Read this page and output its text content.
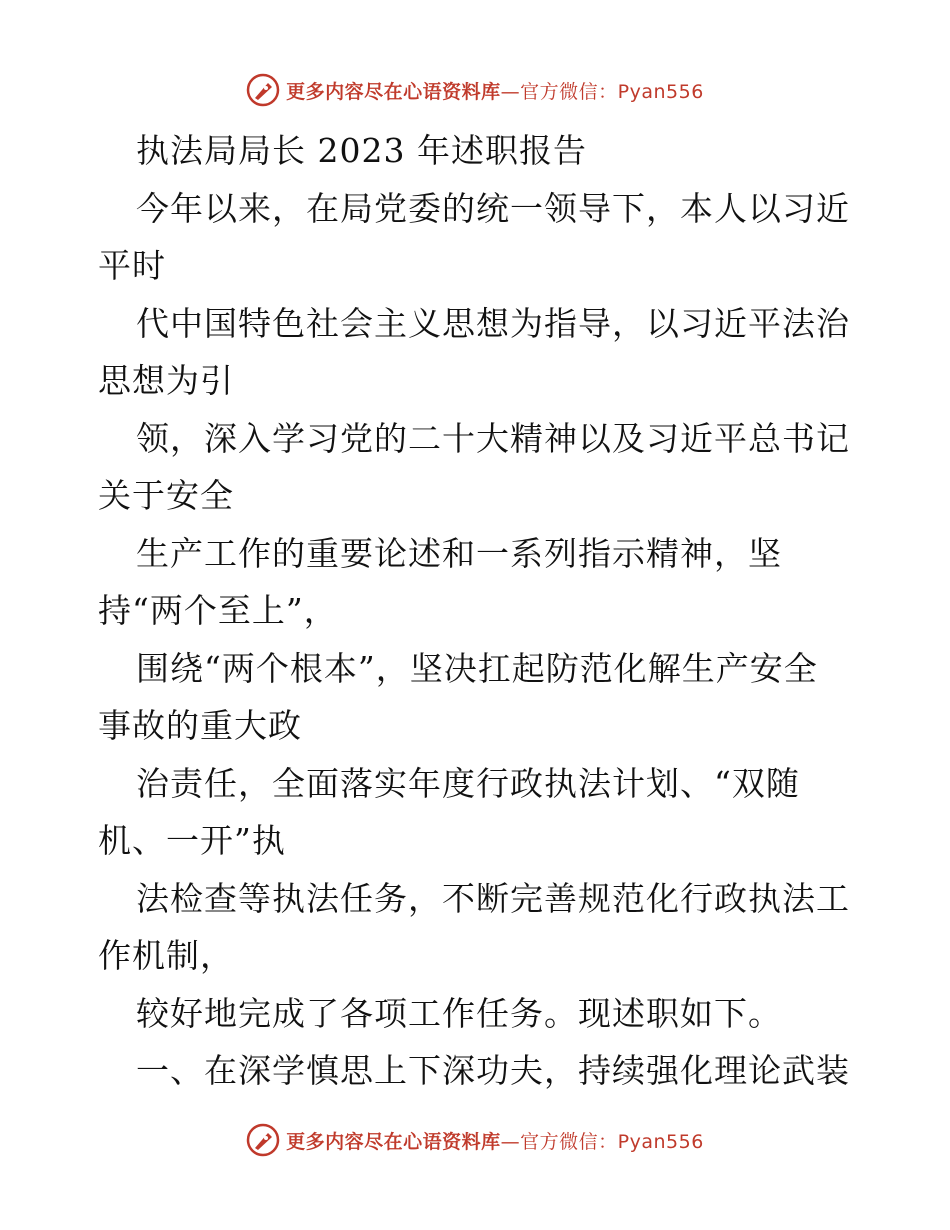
更多内容尽在心语资料库—官方微信：Pyan556
执法局局长 2023 年述职报告
今年以来，在局党委的统一领导下，本人以习近
平时
代中国特色社会主义思想为指导，以习近平法治
思想为引
领，深入学习党的二十大精神以及习近平总书记
关于安全
生产工作的重要论述和一系列指示精神，坚
持“两个至上”，
围绕“两个根本”，坚决扛起防范化解生产安全
事故的重大政
治责任，全面落实年度行政执法计划、“双随
机、一开”执
法检查等执法任务，不断完善规范化行政执法工
作机制，
较好地完成了各项工作任务。现述职如下。
一、在深学慎思上下深功夫，持续强化理论武装
更多内容尽在心语资料库—官方微信：Pyan556
